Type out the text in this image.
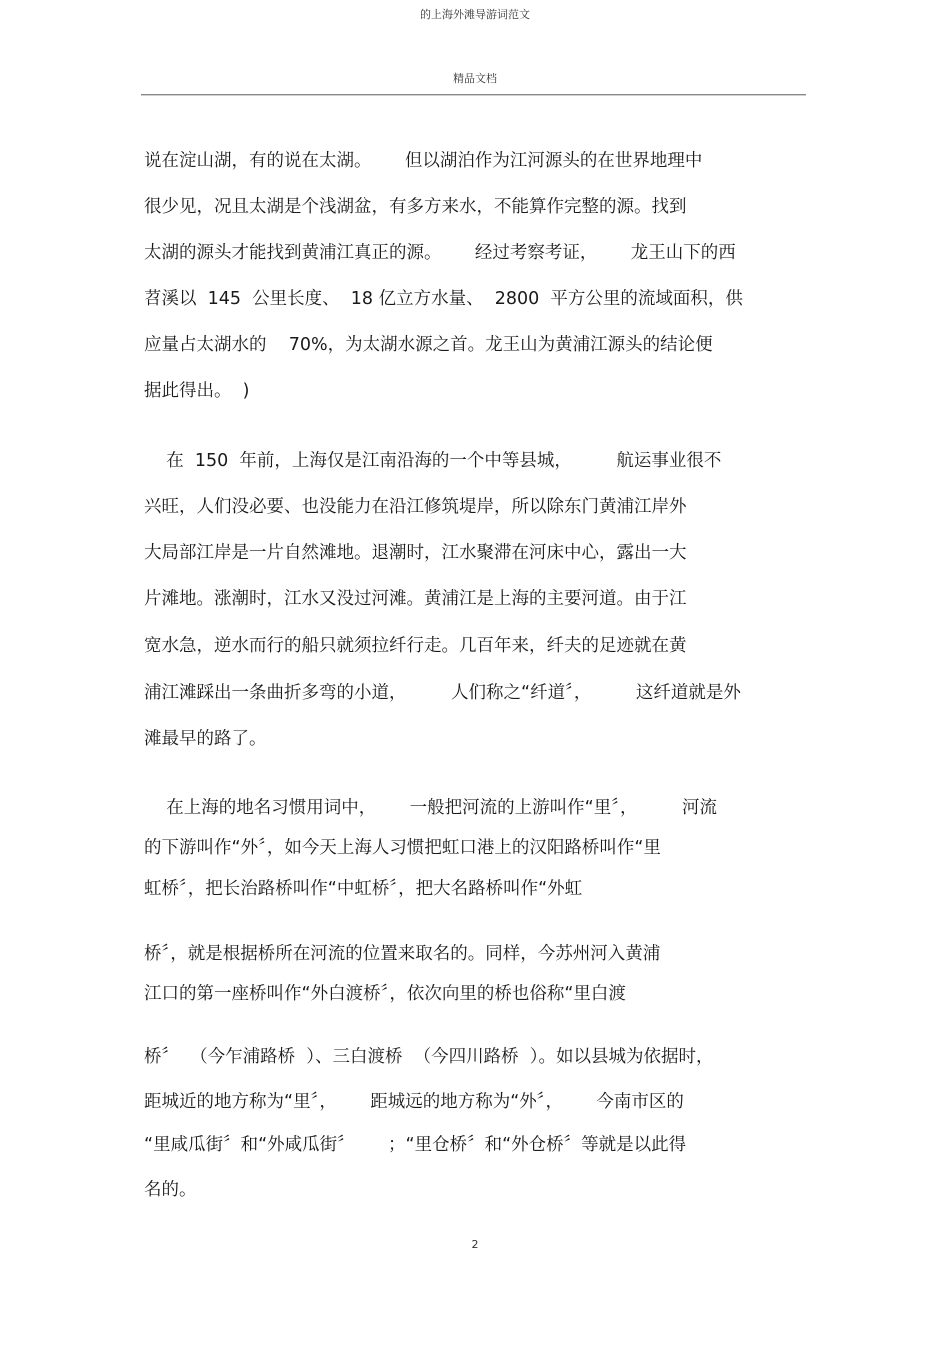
的上海外滩导游词范文
精品文档
说在淀山湖，有的说在太湖。      但以湖泊作为江河源头的在世界地理中
很少见，况且太湖是个浅湖盆，有多方来水，不能算作完整的源。找到
太湖的源头才能找到黄浦江真正的源。      经过考察考证，      龙王山下的西
苕溪以  145  公里长度、  18 亿立方水量、  2800  平方公里的流域面积，供
应量占太湖水的    70%，为太湖水源之首。龙王山为黄浦江源头的结论便
据此得出。  )
在  150  年前，上海仅是江南沿海的一个中等县城，        航运事业很不
兴旺，人们没必要、也没能力在沿江修筑堤岸，所以除东门黄浦江岸外
大局部江岸是一片自然滩地。退潮时，江水聚滞在河床中心，露出一大
片滩地。涨潮时，江水又没过河滩。黄浦江是上海的主要河道。由于江
宽水急，逆水而行的船只就须拉纤行走。几百年来，纤夫的足迹就在黄
浦江滩踩出一条曲折多弯的小道，        人们称之“纤道〞，        这纤道就是外
滩最早的路了。
在上海的地名习惯用词中，      一般把河流的上游叫作“里〞，        河流
的下游叫作“外〞，如今天上海人习惯把虹口港上的汉阳路桥叫作“里
虹桥〞，把长治路桥叫作“中虹桥〞，把大名路桥叫作“外虹
桥〞，就是根据桥所在河流的位置来取名的。同样，今苏州河入黄浦
江口的第一座桥叫作“外白渡桥〞，依次向里的桥也俗称“里白渡
桥〞  （今乍浦路桥  ）、三白渡桥  （今四川路桥  ）。如以县城为依据时，
距城近的地方称为“里〞，      距城远的地方称为“外〞，      今南市区的
“里咸瓜街〞和“外咸瓜街〞      ；“里仓桥〞和“外仓桥〞等就是以此得
名的。
2
